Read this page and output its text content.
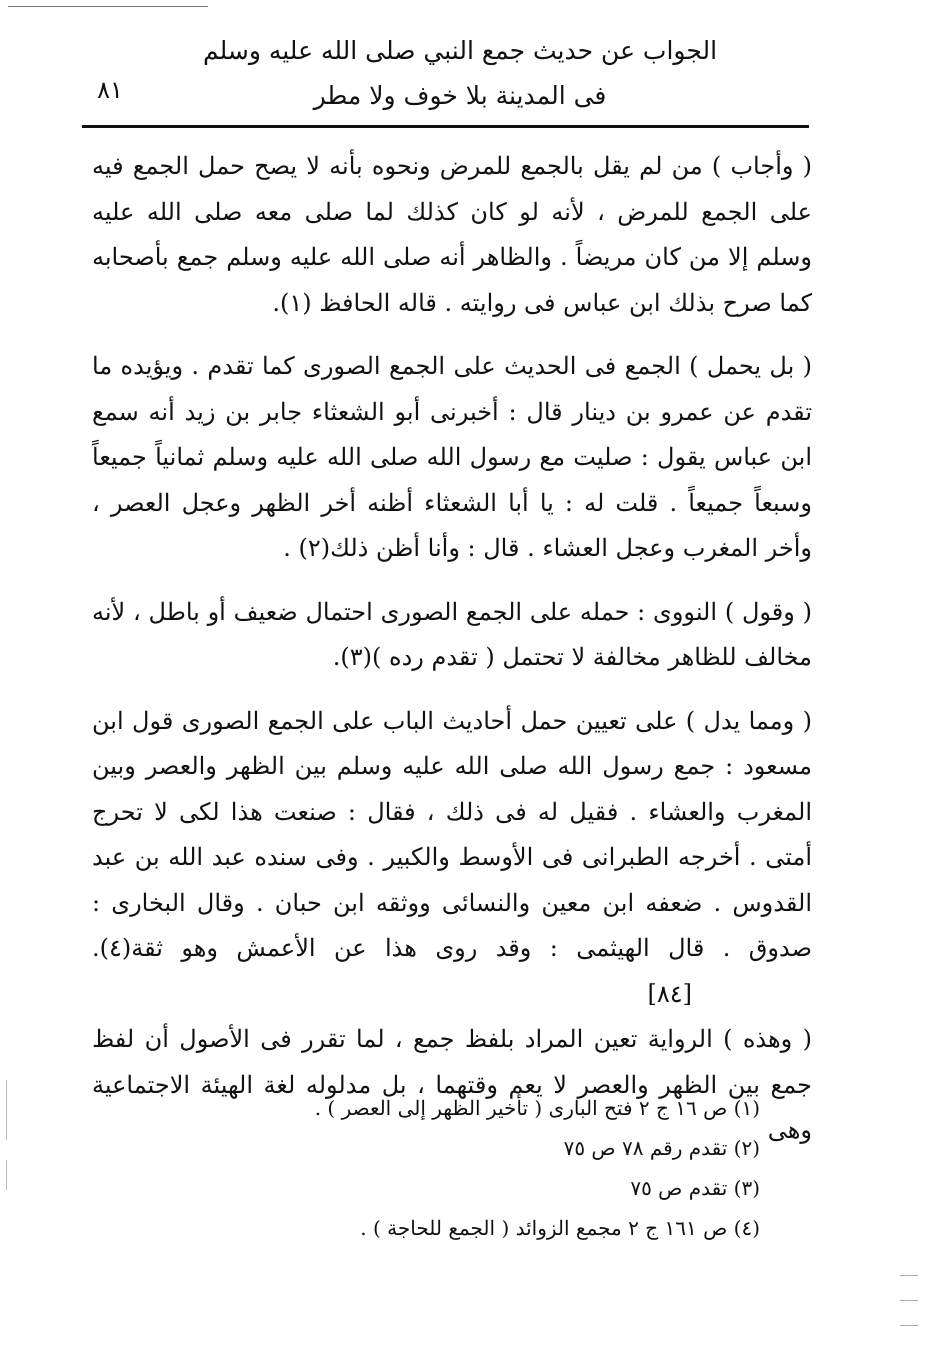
الجواب عن حديث جمع النبي صلى الله عليه وسلم
فى المدينة بلا خوف ولا مطر
٨١

( وأجاب ) من لم يقل بالجمع للمرض ونحوه بأنه لا يصح حمل الجمع فيه على الجمع للمرض ، لأنه لو كان كذلك لما صلى معه صلى الله عليه وسلم إلا من كان مريضاً . والظاهر أنه صلى الله عليه وسلم جمع بأصحابه كما صرح بذلك ابن عباس فى روايته . قاله الحافظ (١).

( بل يحمل ) الجمع فى الحديث على الجمع الصورى كما تقدم . ويؤيده ما تقدم عن عمرو بن دينار قال : أخبرنى أبو الشعثاء جابر بن زيد أنه سمع ابن عباس يقول : صليت مع رسول الله صلى الله عليه وسلم ثمانياً جميعاً وسبعاً جميعاً . قلت له : يا أبا الشعثاء أظنه أخر الظهر وعجل العصر ، وأخر المغرب وعجل العشاء . قال : وأنا أظن ذلك(٢) .

( وقول ) النووى : حمله على الجمع الصورى احتمال ضعيف أو باطل ، لأنه مخالف للظاهر مخالفة لا تحتمل ( تقدم رده )(٣).

( ومما يدل ) على تعيين حمل أحاديث الباب على الجمع الصورى قول ابن مسعود : جمع رسول الله صلى الله عليه وسلم بين الظهر والعصر وبين المغرب والعشاء . فقيل له فى ذلك ، فقال : صنعت هذا لكى لا تحرج أمتى . أخرجه الطبرانى فى الأوسط والكبير . وفى سنده عبد الله بن عبد القدوس . ضعفه ابن معين والنسائى ووثقه ابن حبان . وقال البخارى : صدوق . قال الهيثمى : وقد روى هذا عن الأعمش وهو ثقة(٤).[٨٤]

( وهذه ) الرواية تعين المراد بلفظ جمع ، لما تقرر فى الأصول أن لفظ جمع بين الظهر والعصر لا يعم وقتهما ، بل مدلوله لغة الهيئة الاجتماعية وهى

(١) ص ١٦ ج ٢ فتح البارى ( تأخير الظهر إلى العصر ) .
(٢) تقدم رقم ٧٨ ص ٧٥
(٣) تقدم ص ٧٥
(٤) ص ١٦١ ج ٢ مجمع الزوائد ( الجمع للحاجة ) .
